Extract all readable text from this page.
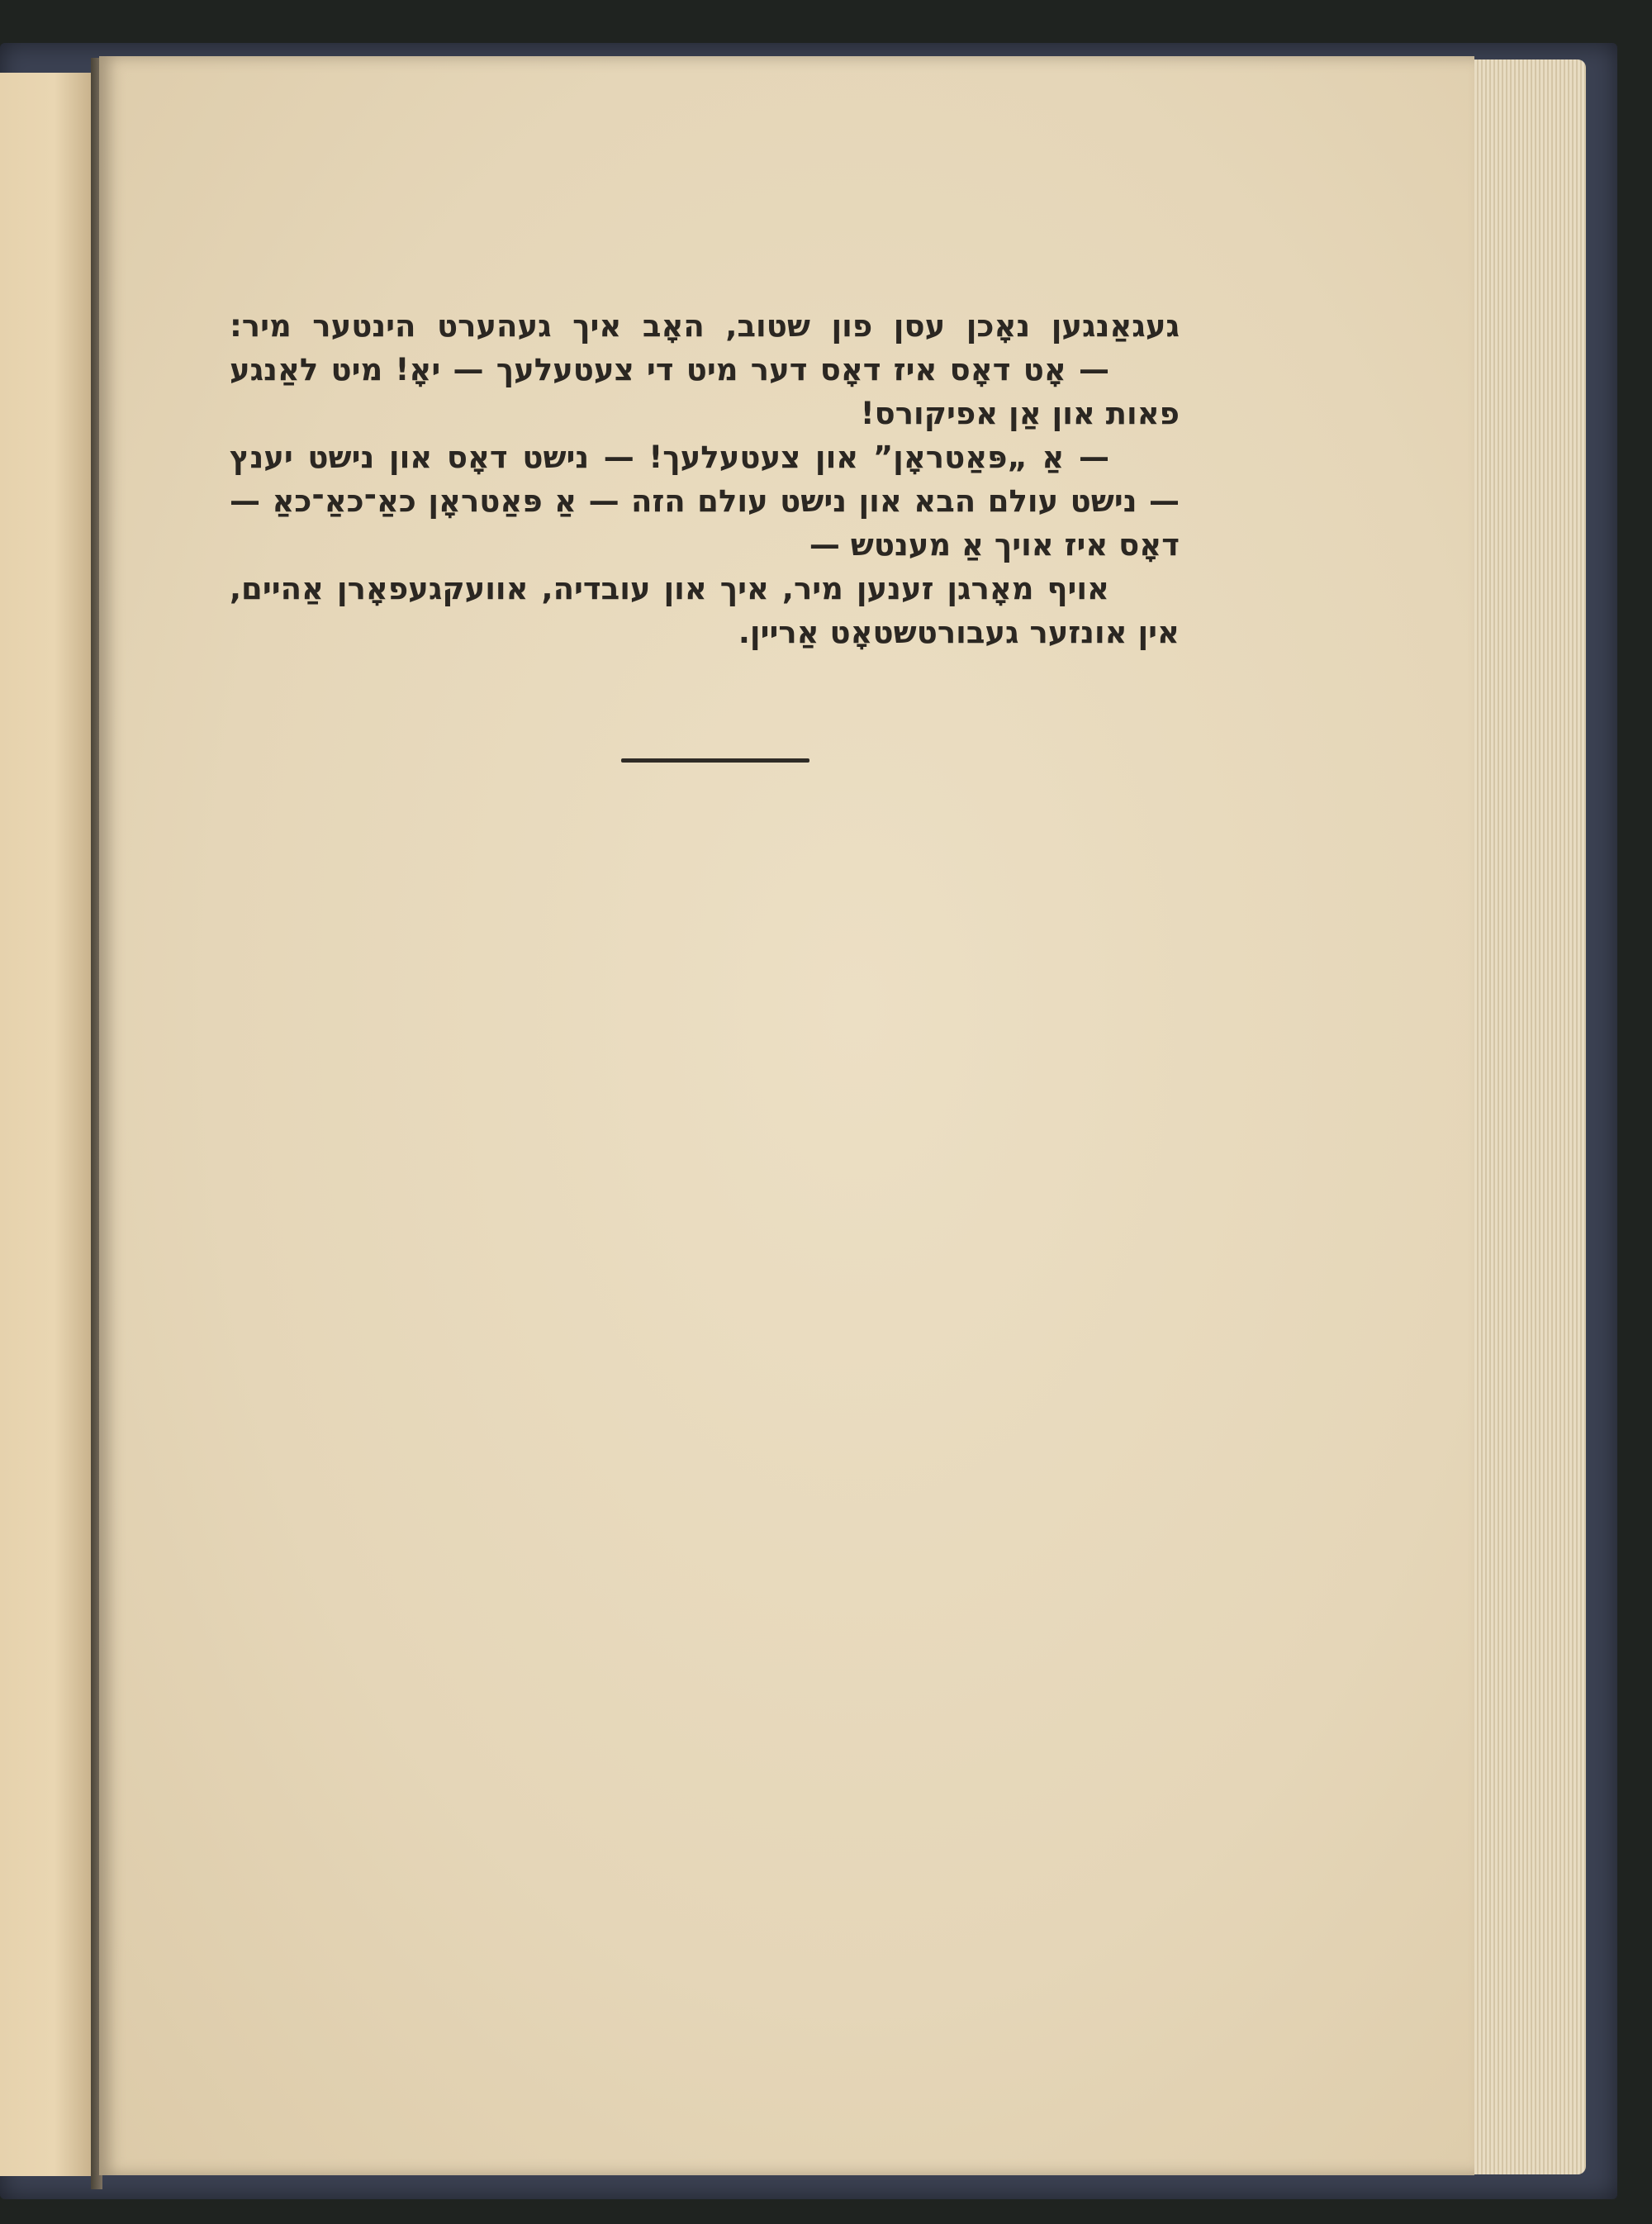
געגאַנגען נאָכן עסן פון שטוב, האָב איך געהערט הינטער מיר:

— אָט דאָס איז דאָס דער מיט די צעטעלעך — יאָ! מיט לאַנגע פאות און אַן אפיקורס!

— אַ „פּאַטראָן” און צעטעלעך! — נישט דאָס און נישט יענץ — נישט עולם הבא און נישט עולם הזה — אַ פּאַטראָן כאַ־כאַ־כאַ — דאָס איז אויך אַ מענטש —

אויף מאָרגן זענען מיר, איך און עובדיה, אוועקגעפאָרן אַהיים, אין אונזער געבורטשטאָט אַריין.
